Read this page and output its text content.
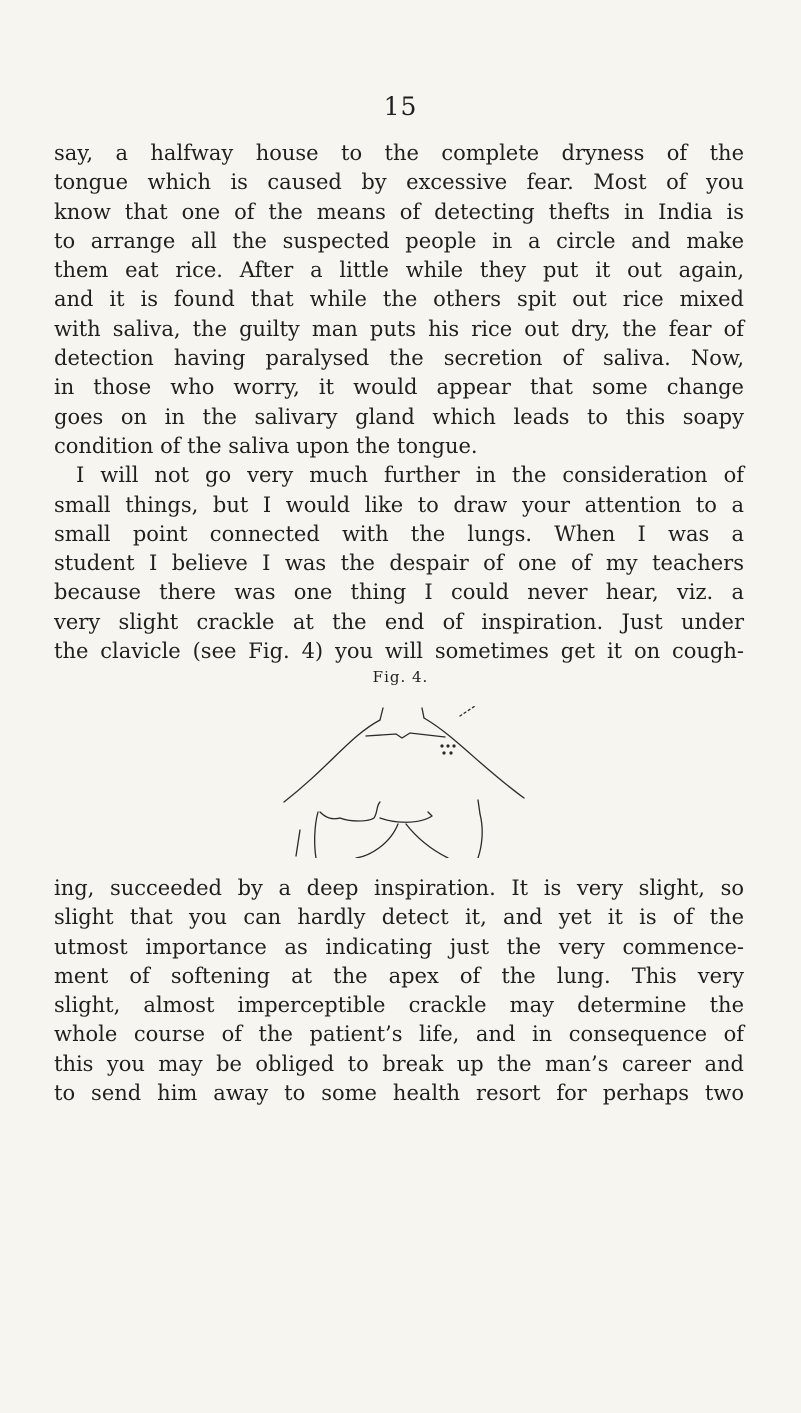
15
say, a halfway house to the complete dryness of the
tongue which is caused by excessive fear. Most of you
know that one of the means of detecting thefts in India is
to arrange all the suspected people in a circle and make
them eat rice. After a little while they put it out again,
and it is found that while the others spit out rice mixed
with saliva, the guilty man puts his rice out dry, the fear of
detection having paralysed the secretion of saliva. Now,
in those who worry, it would appear that some change
goes on in the salivary gland which leads to this soapy
condition of the saliva upon the tongue.
I will not go very much further in the consideration of
small things, but I would like to draw your attention to a
small point connected with the lungs. When I was a
student I believe I was the despair of one of my teachers
because there was one thing I could never hear, viz. a
very slight crackle at the end of inspiration. Just under
the clavicle (see Fig. 4) you will sometimes get it on cough-
Fig. 4.
ing, succeeded by a deep inspiration. It is very slight, so
slight that you can hardly detect it, and yet it is of the
utmost importance as indicating just the very commence-
ment of softening at the apex of the lung. This very
slight, almost imperceptible crackle may determine the
whole course of the patient’s life, and in consequence of
this you may be obliged to break up the man’s career and
to send him away to some health resort for perhaps two
